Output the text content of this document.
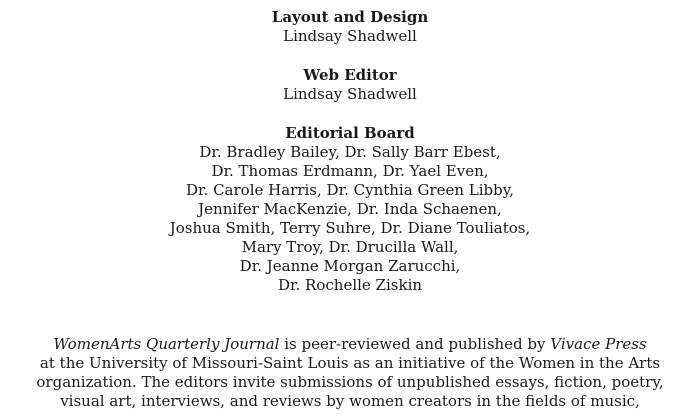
Layout and Design
Lindsay Shadwell
Web Editor
Lindsay Shadwell
Editorial Board
Dr. Bradley Bailey, Dr. Sally Barr Ebest,
Dr. Thomas Erdmann, Dr. Yael Even,
Dr. Carole Harris, Dr. Cynthia Green Libby,
Jennifer MacKenzie, Dr. Inda Schaenen,
Joshua Smith, Terry Suhre, Dr. Diane Touliatos,
Mary Troy, Dr. Drucilla Wall,
Dr. Jeanne Morgan Zarucchi,
Dr. Rochelle Ziskin
WomenArts Quarterly Journal is peer-reviewed and published by Vivace Press
at the University of Missouri-Saint Louis as an initiative of the Women in the Arts
organization. The editors invite submissions of unpublished essays, fiction, poetry,
visual art, interviews, and reviews by women creators in the fields of music,
